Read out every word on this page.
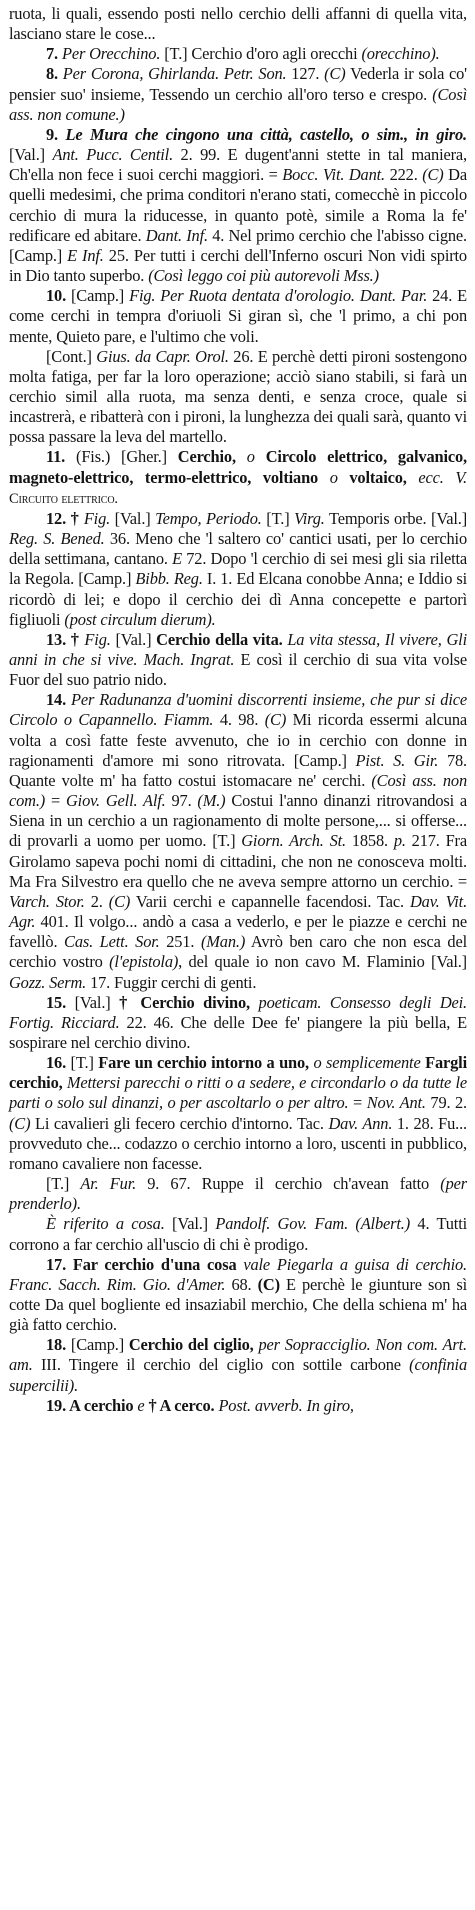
ruota, li quali, essendo posti nello cerchio delli affanni di quella vita, lasciano stare le cose...

7. Per Orecchino. [T.] Cerchio d'oro agli orecchi (orecchino).

8. Per Corona, Ghirlanda. Petr. Son. 127. (C) Vederla ir sola co' pensier suo' insieme, Tessendo un cerchio all'oro terso e crespo. (Così ass. non comune.)

9. Le Mura che cingono una città, castello, o sim., in giro. [Val.] Ant. Pucc. Centil. 2. 99. E dugent'anni stette in tal maniera, Ch'ella non fece i suoi cerchi maggiori. = Bocc. Vit. Dant. 222. (C) Da quelli medesimi, che prima conditori n'erano stati, comecchè in piccolo cerchio di mura la riducesse, in quanto potè, simile a Roma la fe' redificare ed abitare. Dant. Inf. 4. Nel primo cerchio che l'abisso cigne. [Camp.] E Inf. 25. Per tutti i cerchi dell'Inferno oscuri Non vidi spirto in Dio tanto superbo. (Così leggo coi più autorevoli Mss.)

10. [Camp.] Fig. Per Ruota dentata d'orologio. Dant. Par. 24. E come cerchi in tempra d'oriuoli Si giran sì, che 'l primo, a chi pon mente, Quieto pare, e l'ultimo che voli.

[Cont.] Gius. da Capr. Orol. 26. E perchè detti pironi sostengono molta fatiga, per far la loro operazione; acciò siano stabili, si farà un cerchio simil alla ruota, ma senza denti, e senza croce, quale si incastrerà, e ribatterà con i pironi, la lunghezza dei quali sarà, quanto vi possa passare la leva del martello.

11. (Fis.) [Gher.] Cerchio, o Circolo elettrico, galvanico, magneto-elettrico, termo-elettrico, voltiano o voltaico, ecc. V. Circuito elettrico.

12. † Fig. [Val.] Tempo, Periodo. [T.] Virg. Temporis orbe. [Val.] Reg. S. Bened. 36. Meno che 'l saltero co' cantici usati, per lo cerchio della settimana, cantano. E 72. Dopo 'l cerchio di sei mesi gli sia riletta la Regola. [Camp.] Bibb. Reg. I. 1. Ed Elcana conobbe Anna; e Iddio si ricordò di lei; e dopo il cerchio dei dì Anna concepette e partorì figliuoli (post circulum dierum).

13. † Fig. [Val.] Cerchio della vita. La vita stessa, Il vivere, Gli anni in che si vive. Mach. Ingrat. E così il cerchio di sua vita volse Fuor del suo patrio nido.

14. Per Radunanza d'uomini discorrenti insieme, che pur si dice Circolo o Capannello. Fiamm. 4. 98. (C) Mi ricorda essermi alcuna volta a così fatte feste avvenuto, che io in cerchio con donne in ragionamenti d'amore mi sono ritrovata. [Camp.] Pist. S. Gir. 78. Quante volte m' ha fatto costui istomacare ne' cerchi. (Così ass. non com.) = Giov. Gell. Alf. 97. (M.) Costui l'anno dinanzi ritrovandosi a Siena in un cerchio a un ragionamento di molte persone,... si offerse... di provarli a uomo per uomo. [T.] Giorn. Arch. St. 1858. p. 217. Fra Girolamo sapeva pochi nomi di cittadini, che non ne conoscevа molti. Ma Fra Silvestro era quello che ne aveva sempre attorno un cerchio. = Varch. Stor. 2. (C) Varii cerchi e capannelle facendosi. Tac. Dav. Vit. Agr. 401. Il volgo... andò a casa a vederlo, e per le piazze e cerchi ne favellò. Cas. Lett. Sor. 251. (Man.) Avrò ben caro che non esca del cerchio vostro (l'epistola), del quale io non cavo M. Flaminio [Val.] Gozz. Serm. 17. Fuggir cerchi di genti.

15. [Val.] † Cerchio divino, poeticam. Consesso degli Dei. Fortig. Ricciard. 22. 46. Che delle Dee fe' piangere la più bella, E sospirare nel cerchio divino.

16. [T.] Fare un cerchio intorno a uno, o semplicemente Fargli cerchio, Mettersi parecchi o ritti o a sedere, e circondarlo o da tutte le parti o solo sul dinanzi, o per ascoltarlo o per altro. = Nov. Ant. 79. 2. (C) Li cavalieri gli fecero cerchio d'intorno. Tac. Dav. Ann. 1. 28. Fu... provveduto che... codazzo o cerchio intorno a loro, uscenti in pubblico, romano cavaliere non facesse.

[T.] Ar. Fur. 9. 67. Ruppe il cerchio ch'aveаn fatto (per prenderlo).

È riferito a cosa. [Val.] Pandolf. Gov. Fam. (Albert.) 4. Tutti corrono a far cerchio all'uscio di chi è prodigo.

17. Far cerchio d'una cosa vale Piegarla a guisa di cerchio. Franc. Sacch. Rim. Gio. d'Amer. 68. (C) E perchè le giunture son sì cotte Da quel bogliente ed insaziabil merchio, Che della schiena m' ha già fatto cerchio.

18. [Camp.] Cerchio del ciglio, per Sopracciglio. Non com. Art. am. III. Tingere il cerchio del ciglio con sottile carbone (confinia supercilii).

19. A cerchio e † A cerco. Post. avverb. In giro,
